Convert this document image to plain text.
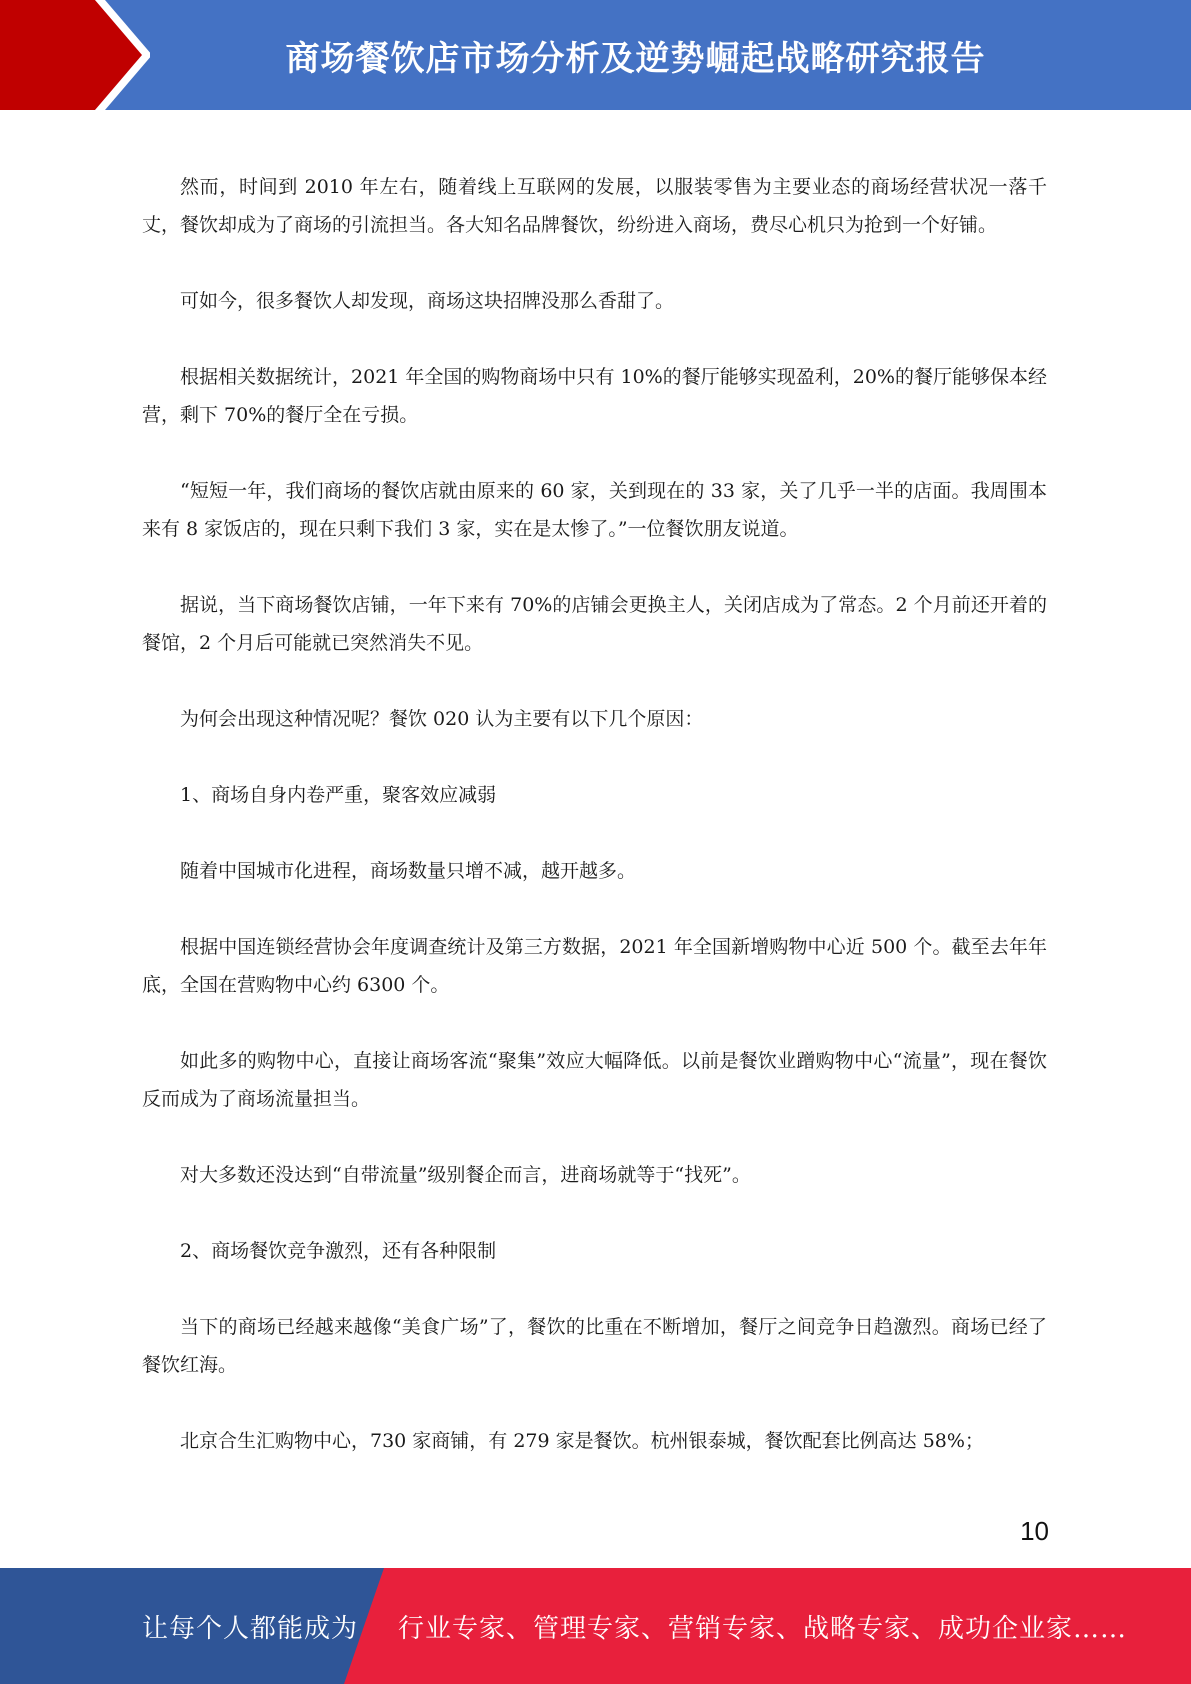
商场餐饮店市场分析及逆势崛起战略研究报告

然而，时间到 2010 年左右，随着线上互联网的发展，以服装零售为主要业态的商场经营状况一落千丈，餐饮却成为了商场的引流担当。各大知名品牌餐饮，纷纷进入商场，费尽心机只为抢到一个好铺。

可如今，很多餐饮人却发现，商场这块招牌没那么香甜了。

根据相关数据统计，2021 年全国的购物商场中只有 10%的餐厅能够实现盈利，20%的餐厅能够保本经营，剩下 70%的餐厅全在亏损。

“短短一年，我们商场的餐饮店就由原来的 60 家，关到现在的 33 家，关了几乎一半的店面。我周围本来有 8 家饭店的，现在只剩下我们 3 家，实在是太惨了。”一位餐饮朋友说道。

据说，当下商场餐饮店铺，一年下来有 70%的店铺会更换主人，关闭店成为了常态。2 个月前还开着的餐馆，2 个月后可能就已突然消失不见。

为何会出现这种情况呢？餐饮 020 认为主要有以下几个原因：

1、商场自身内卷严重，聚客效应减弱

随着中国城市化进程，商场数量只增不减，越开越多。

根据中国连锁经营协会年度调查统计及第三方数据，2021 年全国新增购物中心近 500 个。截至去年年底，全国在营购物中心约 6300 个。

如此多的购物中心，直接让商场客流“聚集”效应大幅降低。以前是餐饮业蹭购物中心“流量”，现在餐饮反而成为了商场流量担当。

对大多数还没达到“自带流量”级别餐企而言，进商场就等于“找死”。

2、商场餐饮竞争激烈，还有各种限制

当下的商场已经越来越像“美食广场”了，餐饮的比重在不断增加，餐厅之间竞争日趋激烈。商场已经了餐饮红海。

北京合生汇购物中心，730 家商铺，有 279 家是餐饮。杭州银泰城，餐饮配套比例高达 58%；

10
让每个人都能成为 行业专家、管理专家、营销专家、战略专家、成功企业家……
